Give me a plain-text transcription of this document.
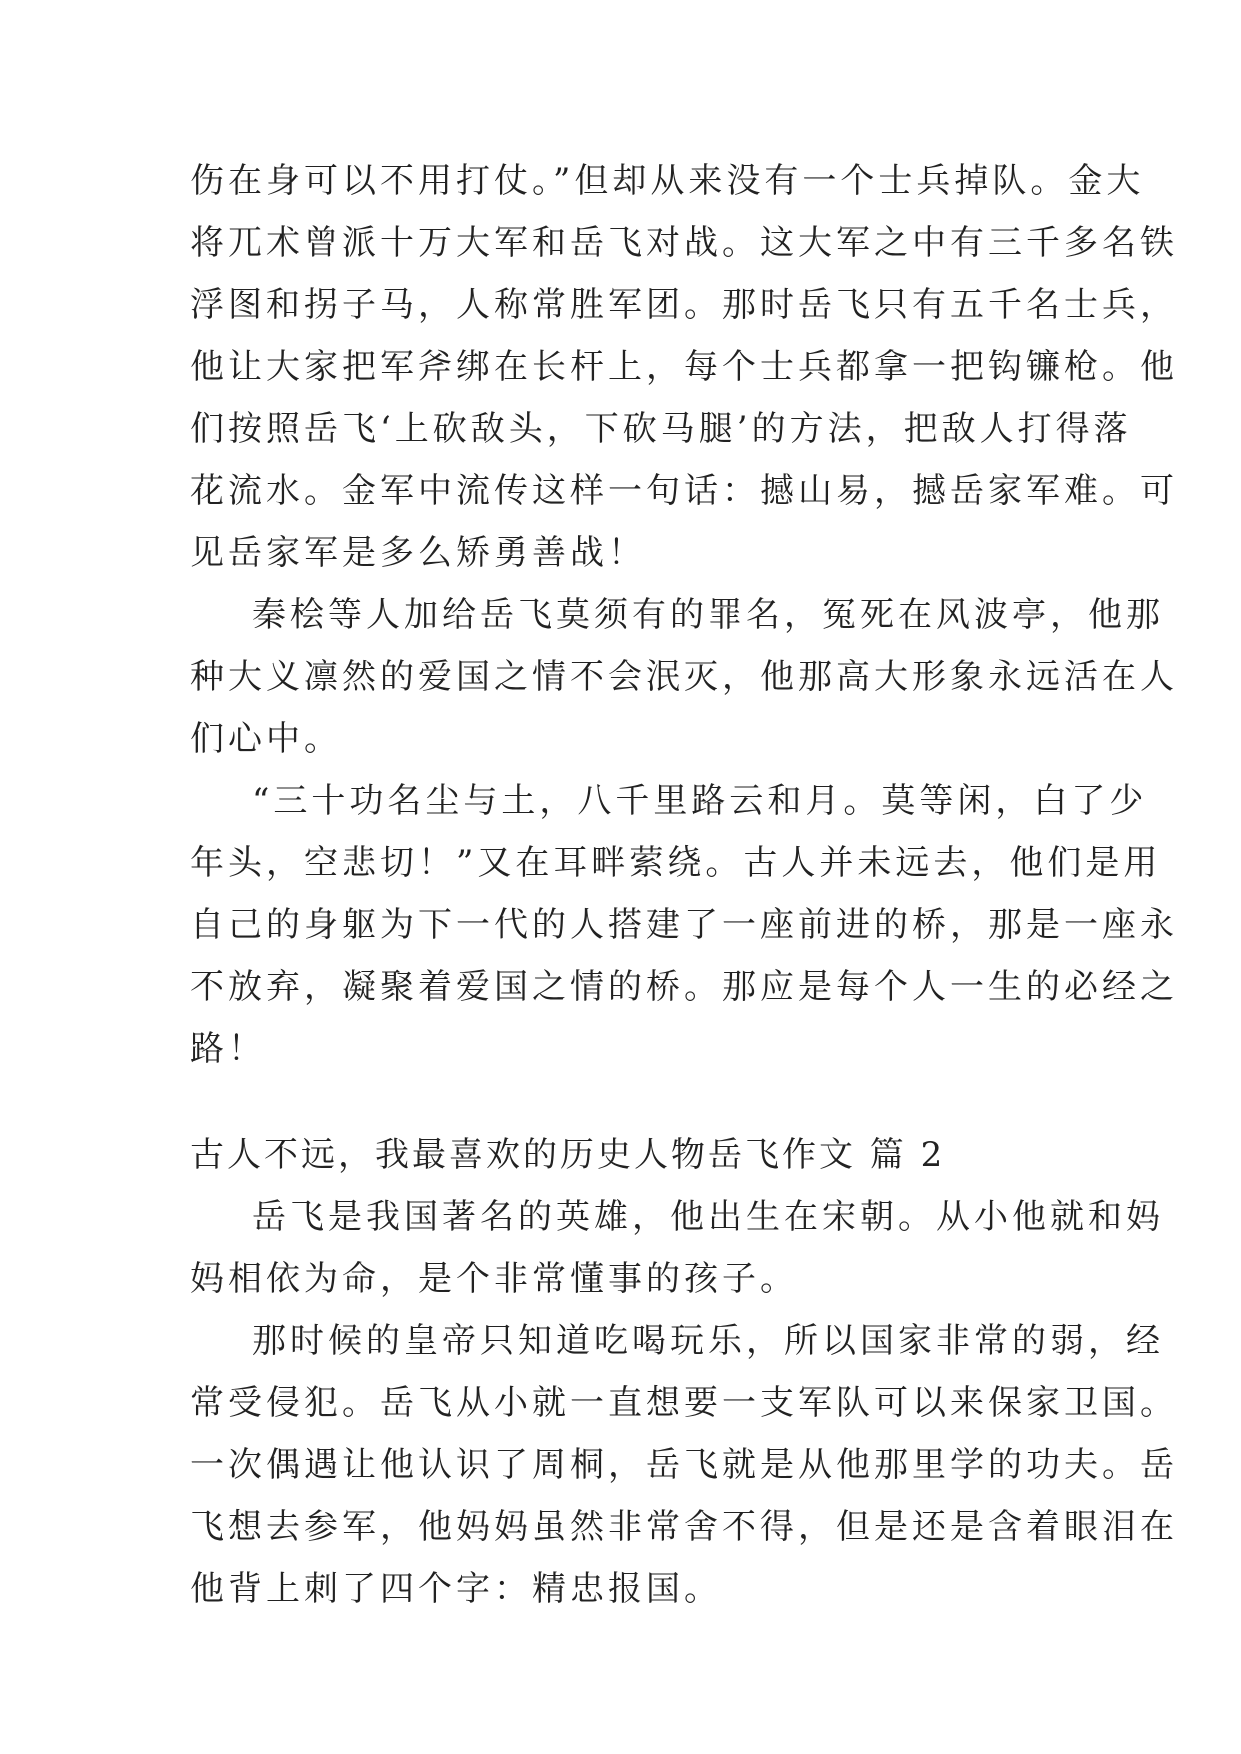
伤在身可以不用打仗。”但却从来没有一个士兵掉队。金大
将兀术曾派十万大军和岳飞对战。这大军之中有三千多名铁
浮图和拐子马，人称常胜军团。那时岳飞只有五千名士兵，
他让大家把军斧绑在长杆上，每个士兵都拿一把钩镰枪。他
们按照岳飞‘上砍敌头，下砍马腿’的方法，把敌人打得落
花流水。金军中流传这样一句话：撼山易，撼岳家军难。可
见岳家军是多么矫勇善战！
秦桧等人加给岳飞莫须有的罪名，冤死在风波亭，他那
种大义凛然的爱国之情不会泯灭，他那高大形象永远活在人
们心中。
“三十功名尘与土，八千里路云和月。莫等闲，白了少
年头，空悲切！”又在耳畔萦绕。古人并未远去，他们是用
自己的身躯为下一代的人搭建了一座前进的桥，那是一座永
不放弃，凝聚着爱国之情的桥。那应是每个人一生的必经之
路！
古人不远，我最喜欢的历史人物岳飞作文 篇 2
岳飞是我国著名的英雄，他出生在宋朝。从小他就和妈
妈相依为命，是个非常懂事的孩子。
那时候的皇帝只知道吃喝玩乐，所以国家非常的弱，经
常受侵犯。岳飞从小就一直想要一支军队可以来保家卫国。
一次偶遇让他认识了周桐，岳飞就是从他那里学的功夫。岳
飞想去参军，他妈妈虽然非常舍不得，但是还是含着眼泪在
他背上刺了四个字：精忠报国。
